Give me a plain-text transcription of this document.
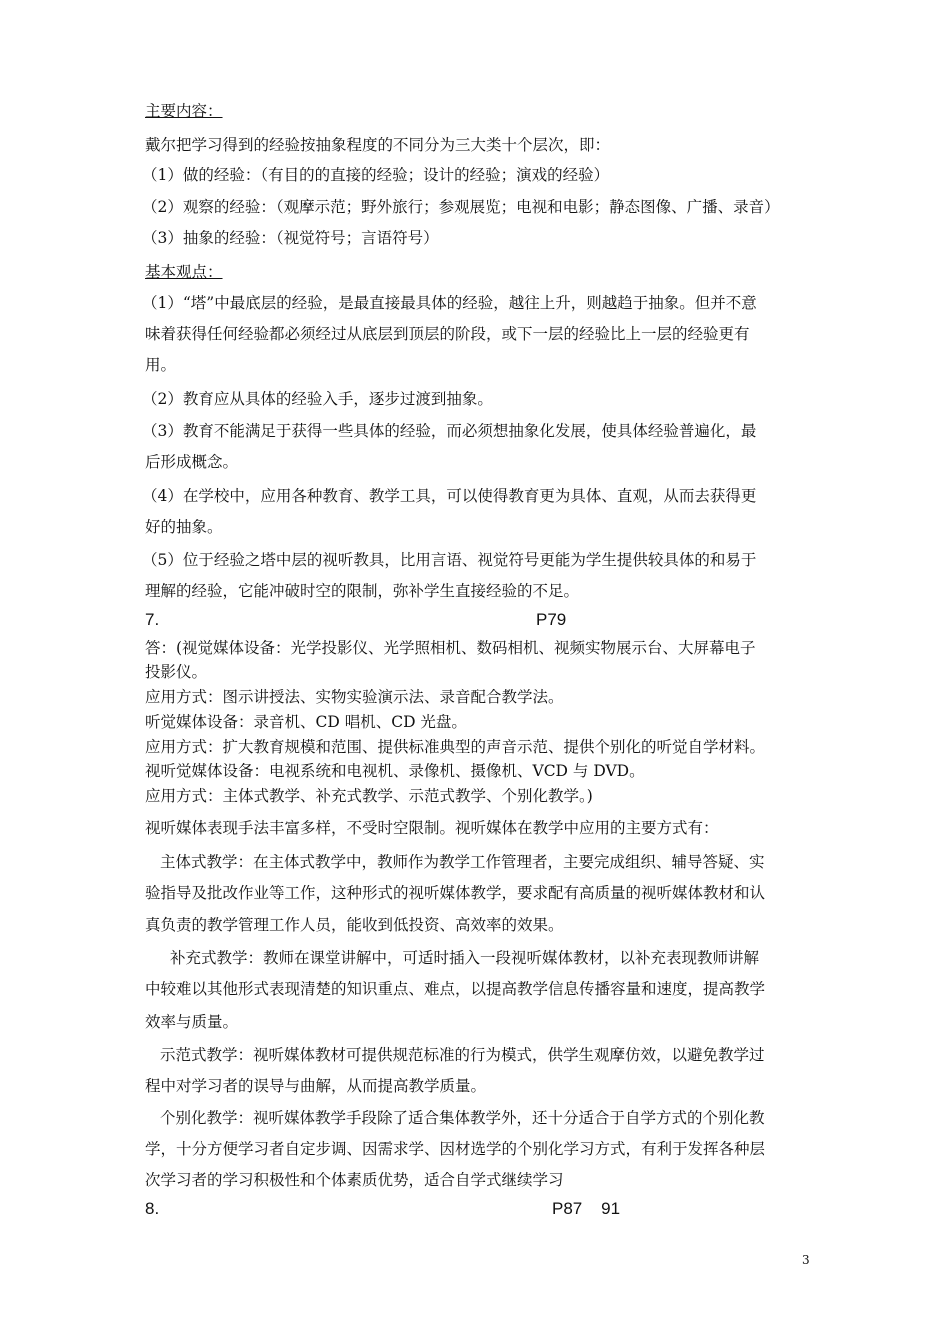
主要内容：
戴尔把学习得到的经验按抽象程度的不同分为三大类十个层次，即：
（1）做的经验：（有目的的直接的经验；设计的经验；演戏的经验）
（2）观察的经验：（观摩示范；野外旅行；参观展览；电视和电影；静态图像、广播、录音）
（3）抽象的经验：（视觉符号；言语符号）
基本观点：
（1）“塔”中最底层的经验，是最直接最具体的经验，越往上升，则越趋于抽象。但并不意
味着获得任何经验都必须经过从底层到顶层的阶段，或下一层的经验比上一层的经验更有
用。
（2）教育应从具体的经验入手，逐步过渡到抽象。
（3）教育不能满足于获得一些具体的经验，而必须想抽象化发展，使具体经验普遍化，最
后形成概念。
（4）在学校中，应用各种教育、教学工具，可以使得教育更为具体、直观，从而去获得更
好的抽象。
（5）位于经验之塔中层的视听教具，比用言语、视觉符号更能为学生提供较具体的和易于
理解的经验，它能冲破时空的限制，弥补学生直接经验的不足。
7.	P79
答：(视觉媒体设备：光学投影仪、光学照相机、数码相机、视频实物展示台、大屏幕电子
投影仪。
应用方式：图示讲授法、实物实验演示法、录音配合教学法。
听觉媒体设备：录音机、CD 唱机、CD 光盘。
应用方式：扩大教育规模和范围、提供标准典型的声音示范、提供个别化的听觉自学材料。
视听觉媒体设备：电视系统和电视机、录像机、摄像机、VCD 与 DVD。
应用方式：主体式教学、补充式教学、示范式教学、个别化教学。)
视听媒体表现手法丰富多样，不受时空限制。视听媒体在教学中应用的主要方式有：
主体式教学：在主体式教学中，教师作为教学工作管理者，主要完成组织、辅导答疑、实
验指导及批改作业等工作，这种形式的视听媒体教学，要求配有高质量的视听媒体教材和认
真负责的教学管理工作人员，能收到低投资、高效率的效果。
补充式教学：教师在课堂讲解中，可适时插入一段视听媒体教材，以补充表现教师讲解
中较难以其他形式表现清楚的知识重点、难点，以提高教学信息传播容量和速度，提高教学
效率与质量。
示范式教学：视听媒体教材可提供规范标准的行为模式，供学生观摩仿效，以避免教学过
程中对学习者的误导与曲解，从而提高教学质量。
个别化教学：视听媒体教学手段除了适合集体教学外，还十分适合于自学方式的个别化教
学，十分方便学习者自定步调、因需求学、因材选学的个别化学习方式，有利于发挥各种层
次学习者的学习积极性和个体素质优势，适合自学式继续学习
8.	P87    91
3
